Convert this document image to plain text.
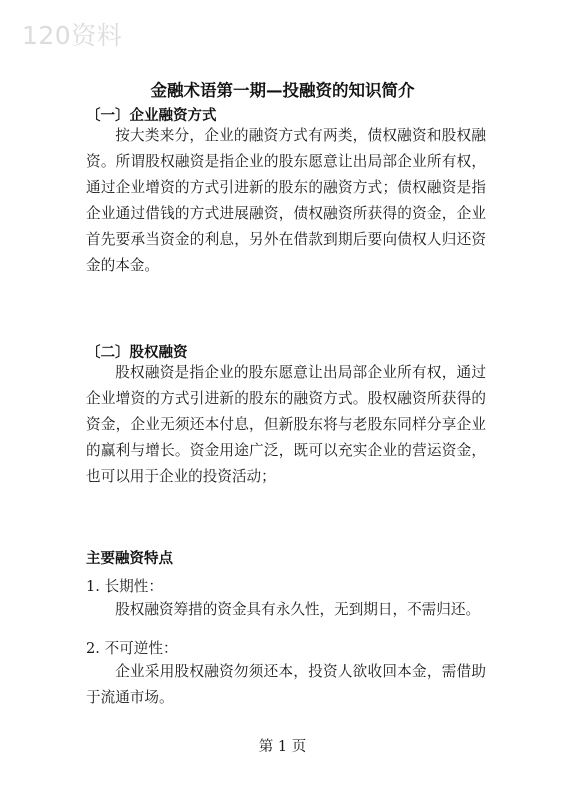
120资料
金融术语第一期—投融资的知识简介
〔一〕企业融资方式

按大类来分，企业的融资方式有两类，债权融资和股权融资。所谓股权融资是指企业的股东愿意让出局部企业所有权，通过企业增资的方式引进新的股东的融资方式；债权融资是指企业通过借钱的方式进展融资，债权融资所获得的资金，企业首先要承当资金的利息，另外在借款到期后要向债权人归还资金的本金。

〔二〕股权融资

股权融资是指企业的股东愿意让出局部企业所有权，通过企业增资的方式引进新的股东的融资方式。股权融资所获得的资金，企业无须还本付息，但新股东将与老股东同样分享企业的赢利与增长。资金用途广泛，既可以充实企业的营运资金，也可以用于企业的投资活动；

主要融资特点
1. 长期性：

股权融资筹措的资金具有永久性，无到期日，不需归还。

2. 不可逆性：

企业采用股权融资勿须还本，投资人欲收回本金，需借助于流通市场。

第 1 页
